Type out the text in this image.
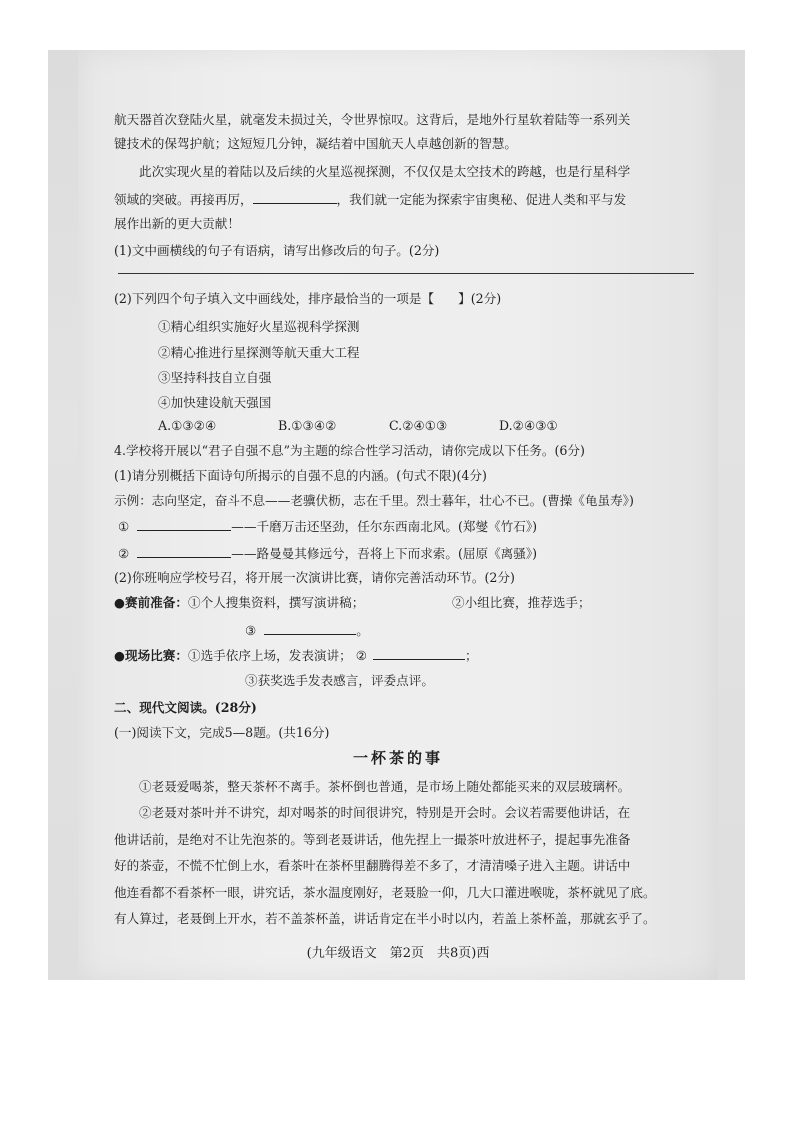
航天器首次登陆火星，就毫发未损过关，令世界惊叹。这背后，是地外行星软着陆等一系列关
键技术的保驾护航；这短短几分钟，凝结着中国航天人卓越创新的智慧。
此次实现火星的着陆以及后续的火星巡视探测，不仅仅是太空技术的跨越，也是行星科学
领域的突破。再接再厉，	，我们就一定能为探索宇宙奥秘、促进人类和平与发
展作出新的更大贡献！
(1)文中画横线的句子有语病，请写出修改后的句子。(2分)
(2)下列四个句子填入文中画线处，排序最恰当的一项是【 】(2分)
①精心组织实施好火星巡视科学探测
②精心推进行星探测等航天重大工程
③坚持科技自立自强
④加快建设航天强国
A.①③②④	B.①③④②	C.②④①③	D.②④③①
4.学校将开展以“君子自强不息”为主题的综合性学习活动，请你完成以下任务。(6分)
(1)请分别概括下面诗句所揭示的自强不息的内涵。(句式不限)(4分)
示例：志向坚定，奋斗不息——老骥伏枥，志在千里。烈士暮年，壮心不已。(曹操《龟虽寿》)
①	——千磨万击还坚劲，任尔东西南北风。(郑燮《竹石》)
②	——路曼曼其修远兮，吾将上下而求索。(屈原《离骚》)
(2)你班响应学校号召，将开展一次演讲比赛，请你完善活动环节。(2分)
●赛前准备：①个人搜集资料，撰写演讲稿；	②小组比赛，推荐选手；
③	。
●现场比赛：①选手依序上场，发表演讲； ②	；
③获奖选手发表感言，评委点评。
二、现代文阅读。(28分)
(一)阅读下文，完成5—8题。(共16分)
一杯茶的事
①老聂爱喝茶，整天茶杯不离手。茶杯倒也普通，是市场上随处都能买来的双层玻璃杯。
②老聂对茶叶并不讲究，却对喝茶的时间很讲究，特别是开会时。会议若需要他讲话，在
他讲话前，是绝对不让先泡茶的。等到老聂讲话，他先捏上一撮茶叶放进杯子，提起事先准备
好的茶壶，不慌不忙倒上水，看茶叶在茶杯里翻腾得差不多了，才清清嗓子进入主题。讲话中
他连看都不看茶杯一眼，讲究话，茶水温度刚好，老聂脸一仰，几大口灌进喉咙，茶杯就见了底。
有人算过，老聂倒上开水，若不盖茶杯盖，讲话肯定在半小时以内，若盖上茶杯盖，那就玄乎了。
(九年级语文　第2页　共8页)西
